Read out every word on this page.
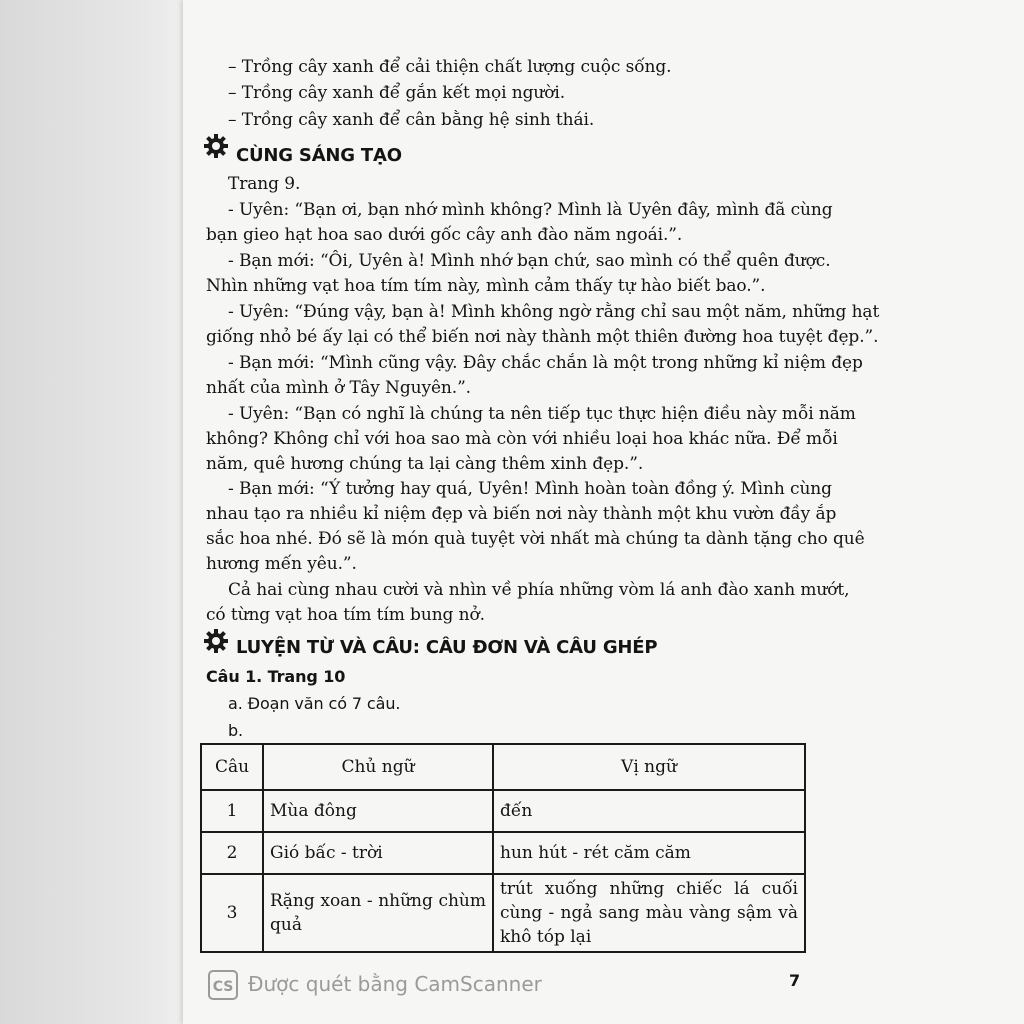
– Trồng cây xanh để cải thiện chất lượng cuộc sống.
– Trồng cây xanh để gắn kết mọi người.
– Trồng cây xanh để cân bằng hệ sinh thái.
CÙNG SÁNG TẠO
Trang 9.
- Uyên: “Bạn ơi, bạn nhớ mình không? Mình là Uyên đây, mình đã cùng
bạn gieo hạt hoa sao dưới gốc cây anh đào năm ngoái.”.
- Bạn mới: “Ôi, Uyên à! Mình nhớ bạn chứ, sao mình có thể quên được.
Nhìn những vạt hoa tím tím này, mình cảm thấy tự hào biết bao.”.
- Uyên: “Đúng vậy, bạn à! Mình không ngờ rằng chỉ sau một năm, những hạt
giống nhỏ bé ấy lại có thể biến nơi này thành một thiên đường hoa tuyệt đẹp.”.
- Bạn mới: “Mình cũng vậy. Đây chắc chắn là một trong những kỉ niệm đẹp
nhất của mình ở Tây Nguyên.”.
- Uyên: “Bạn có nghĩ là chúng ta nên tiếp tục thực hiện điều này mỗi năm
không? Không chỉ với hoa sao mà còn với nhiều loại hoa khác nữa. Để mỗi
năm, quê hương chúng ta lại càng thêm xinh đẹp.”.
- Bạn mới: “Ý tưởng hay quá, Uyên! Mình hoàn toàn đồng ý. Mình cùng
nhau tạo ra nhiều kỉ niệm đẹp và biến nơi này thành một khu vườn đầy ắp
sắc hoa nhé. Đó sẽ là món quà tuyệt vời nhất mà chúng ta dành tặng cho quê
hương mến yêu.”.
Cả hai cùng nhau cười và nhìn về phía những vòm lá anh đào xanh mướt,
có từng vạt hoa tím tím bung nở.
LUYỆN TỪ VÀ CÂU: CÂU ĐƠN VÀ CÂU GHÉP
Câu 1. Trang 10
a. Đoạn văn có 7 câu.
b.
Câu	Chủ ngữ	Vị ngữ
1	Mùa đông	đến
2	Gió bấc - trời	hun hút - rét căm căm
3	Rặng xoan - những chùm quả	trút xuống những chiếc lá cuối cùng - ngả sang màu vàng sậm và khô tóp lại
CS Được quét bằng CamScanner	7
